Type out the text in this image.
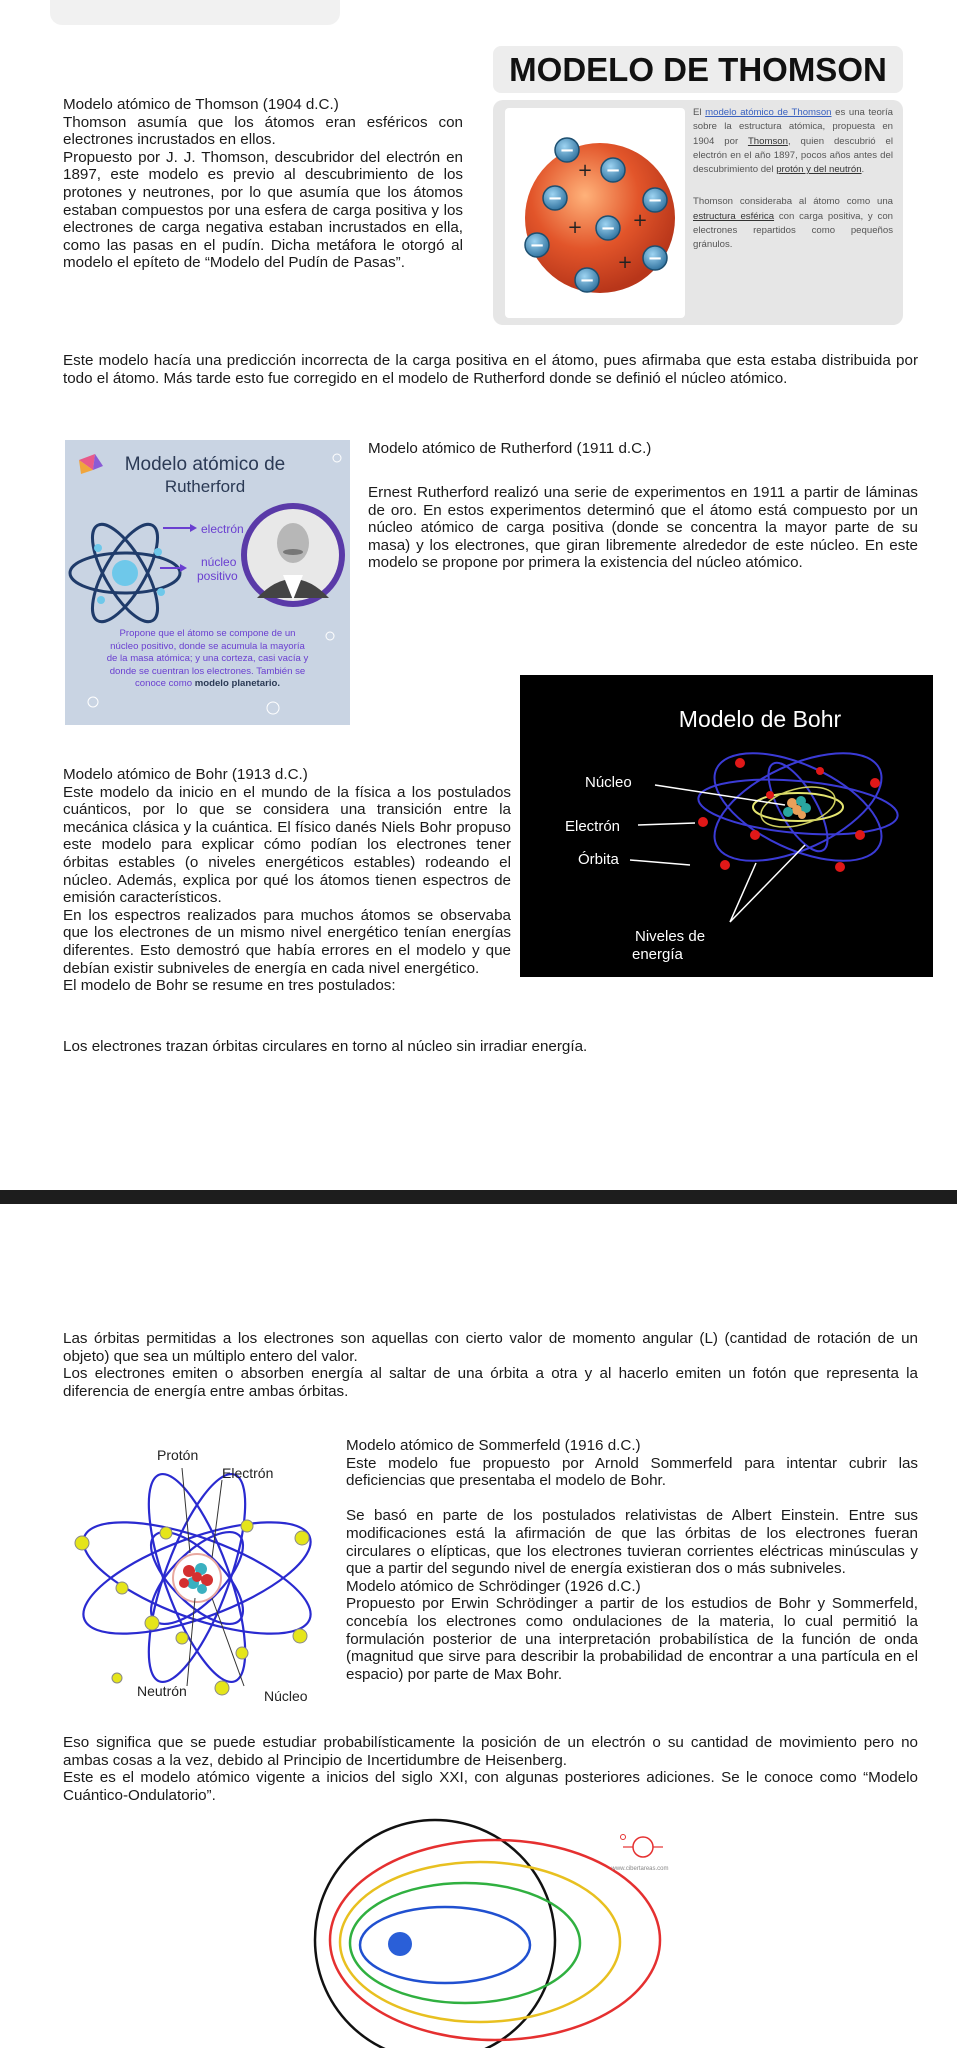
MODELO DE THOMSON

Modelo atómico de Thomson (1904 d.C.)

Thomson asumía que los átomos eran esféricos con electrones incrustados en ellos.

Propuesto por J. J. Thomson, descubridor del electrón en 1897, este modelo es previo al descubrimiento de los protones y neutrones, por lo que asumía que los átomos estaban compuestos por una esfera de carga positiva y los electrones de carga negativa estaban incrustados en ella, como las pasas en el pudín. Dicha metáfora le otorgó al modelo el epíteto de “Modelo del Pudín de Pasas”.

+
+
+
+
−
−
−	−
−
−
−
−

El modelo atómico de Thomson es una teoría sobre la estructura atómica, propuesta en 1904 por Thomson, quien descubrió el electrón en el año 1897, pocos años antes del descubrimiento del protón y del neutrón.

Thomson consideraba al átomo como una estructura esférica con carga positiva, y con electrones repartidos como pequeños gránulos.

Este modelo hacía una predicción incorrecta de la carga positiva en el átomo, pues afirmaba que esta estaba distribuida por todo el átomo. Más tarde esto fue corregido en el modelo de Rutherford donde se definió el núcleo atómico.
Modelo atómico de
Rutherford
electrón
núcleo
positivo
Propone que el átomo se compone de un núcleo positivo, donde se acumula la mayoría de la masa atómica; y una corteza, casi vacía y donde se cuentran los electrones. También se conoce como modelo planetario.
Modelo atómico de Rutherford (1911 d.C.)
Ernest Rutherford realizó una serie de experimentos en 1911 a partir de láminas de oro. En estos experimentos determinó que el átomo está compuesto por un núcleo atómico de carga positiva (donde se concentra la mayor parte de su masa) y los electrones, que giran libremente alrededor de este núcleo. En este modelo se propone por primera la existencia del núcleo atómico.
Modelo de Bohr
Núcleo
Electrón
Órbita
Niveles de
energía

Modelo atómico de Bohr (1913 d.C.)

Este modelo da inicio en el mundo de la física a los postulados cuánticos, por lo que se considera una transición entre la mecánica clásica y la cuántica. El físico danés Niels Bohr propuso este modelo para explicar cómo podían los electrones tener órbitas estables (o niveles energéticos estables) rodeando el núcleo. Además, explica por qué los átomos tienen espectros de emisión característicos.

En los espectros realizados para muchos átomos se observaba que los electrones de un mismo nivel energético tenían energías diferentes. Esto demostró que había errores en el modelo y que debían existir subniveles de energía en cada nivel energético.

El modelo de Bohr se resume en tres postulados:

Los electrones trazan órbitas circulares en torno al núcleo sin irradiar energía.

Las órbitas permitidas a los electrones son aquellas con cierto valor de momento angular (L) (cantidad de rotación de un objeto) que sea un múltiplo entero del valor.

Los electrones emiten o absorben energía al saltar de una órbita a otra y al hacerlo emiten un fotón que representa la diferencia de energía entre ambas órbitas.

Protón
Electrón
Neutrón	Núcleo

Modelo atómico de Sommerfeld (1916 d.C.)

Este modelo fue propuesto por Arnold Sommerfeld para intentar cubrir las deficiencias que presentaba el modelo de Bohr.

Se basó en parte de los postulados relativistas de Albert Einstein. Entre sus modificaciones está la afirmación de que las órbitas de los electrones fueran circulares o elípticas, que los electrones tuvieran corrientes eléctricas minúsculas y que a partir del segundo nivel de energía existieran dos o más subniveles.

Modelo atómico de Schrödinger (1926 d.C.)

Propuesto por Erwin Schrödinger a partir de los estudios de Bohr y Sommerfeld, concebía los electrones como ondulaciones de la materia, lo cual permitió la formulación posterior de una interpretación probabilística de la función de onda (magnitud que sirve para describir la probabilidad de encontrar a una partícula en el espacio) por parte de Max Bohr.

Eso significa que se puede estudiar probabilísticamente la posición de un electrón o su cantidad de movimiento pero no ambas cosas a la vez, debido al Principio de Incertidumbre de Heisenberg.

Este es el modelo atómico vigente a inicios del siglo XXI, con algunas posteriores adiciones. Se le conoce como “Modelo Cuántico-Ondulatorio”.

www.cibertareas.com
